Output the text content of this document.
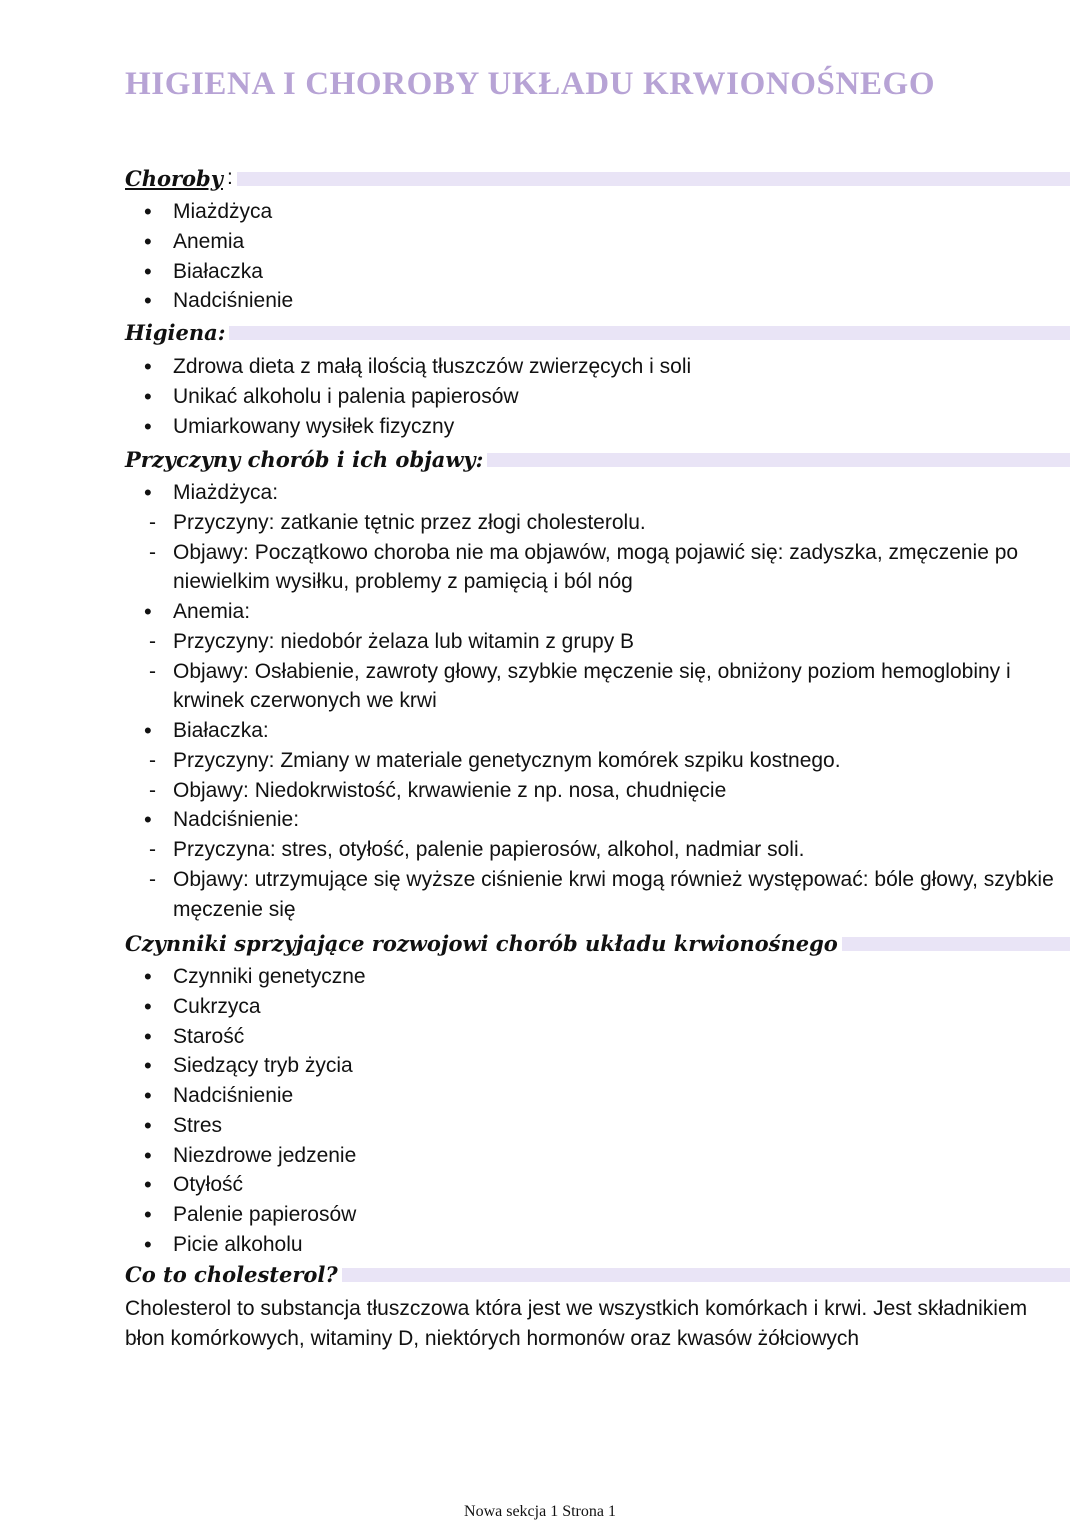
HIGIENA I CHOROBY UKŁADU KRWIONOŚNEGO
Choroby :
• Miażdżyca
• Anemia
• Białaczka
• Nadciśnienie
Higiena:
• Zdrowa dieta z małą ilością tłuszczów zwierzęcych i soli
• Unikać alkoholu i palenia papierosów
• Umiarkowany wysiłek fizyczny
Przyczyny chorób i ich objawy:
• Miażdżyca:
- Przyczyny: zatkanie tętnic przez złogi cholesterolu.
- Objawy: Początkowo choroba nie ma objawów, mogą pojawić się: zadyszka, zmęczenie po niewielkim wysiłku, problemy z pamięcią i ból nóg
• Anemia:
- Przyczyny: niedobór żelaza lub witamin z grupy B
- Objawy: Osłabienie, zawroty głowy, szybkie męczenie się, obniżony poziom hemoglobiny i krwinek czerwonych we krwi
• Białaczka:
- Przyczyny: Zmiany w materiale genetycznym komórek szpiku kostnego.
- Objawy: Niedokrwistość, krwawienie z np. nosa, chudnięcie
• Nadciśnienie:
- Przyczyna: stres, otyłość, palenie papierosów, alkohol, nadmiar soli.
- Objawy: utrzymujące się wyższe ciśnienie krwi mogą również występować: bóle głowy, szybkie męczenie się
Czynniki sprzyjające rozwojowi chorób układu krwionośnego
• Czynniki genetyczne
• Cukrzyca
• Starość
• Siedzący tryb życia
• Nadciśnienie
• Stres
• Niezdrowe jedzenie
• Otyłość
• Palenie papierosów
• Picie alkoholu
Co to cholesterol?
Cholesterol to substancja tłuszczowa która jest we wszystkich komórkach i krwi. Jest składnikiem błon komórkowych, witaminy D, niektórych hormonów oraz kwasów żółciowych
Nowa sekcja 1 Strona 1
